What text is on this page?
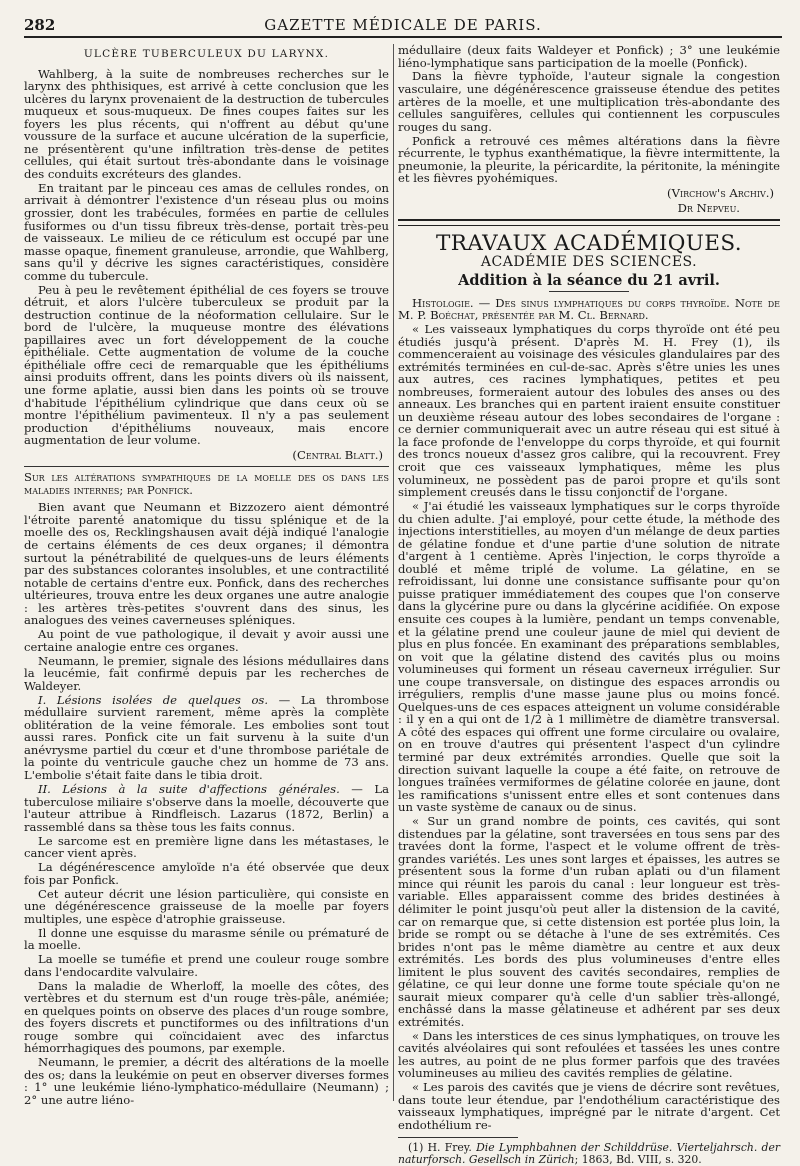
282	GAZETTE MÉDICALE DE PARIS.
ULCÈRE TUBERCULEUX DU LARYNX.

Wahlberg, à la suite de nombreuses recherches sur le larynx des phthisiques, est arrivé à cette conclusion que les ulcères du larynx provenaient de la destruction de tubercules muqueux et sous-muqueux. De fines coupes faites sur les foyers les plus récents, qui n'offrent au début qu'une voussure de la surface et aucune ulcération de la superficie, ne présentèrent qu'une infiltration très-dense de petites cellules, qui était surtout très-abondante dans le voisinage des conduits excréteurs des glandes.

En traitant par le pinceau ces amas de cellules rondes, on arrivait à démontrer l'existence d'un réseau plus ou moins grossier, dont les trabécules, formées en partie de cellules fusiformes ou d'un tissu fibreux très-dense, portait très-peu de vaisseaux. Le milieu de ce réticulum est occupé par une masse opaque, finement granuleuse, arrondie, que Wahlberg, sans qu'il y décrive les signes caractéristiques, considère comme du tubercule.

Peu à peu le revêtement épithélial de ces foyers se trouve détruit, et alors l'ulcère tuberculeux se produit par la destruction continue de la néoformation cellulaire. Sur le bord de l'ulcère, la muqueuse montre des élévations papillaires avec un fort développement de la couche épithéliale. Cette augmentation de volume de la couche épithéliale offre ceci de remarquable que les épithéliums ainsi produits offrent, dans les points divers où ils naissent, une forme aplatie, aussi bien dans les points où se trouve d'habitude l'épithélium cylindrique que dans ceux où se montre l'épithélium pavimenteux. Il n'y a pas seulement production d'épithéliums nouveaux, mais encore augmentation de leur volume.

(Central Blatt.)

Sur les altérations sympathiques de la moelle des os dans les maladies internes; par Ponfick.

Bien avant que Neumann et Bizzozero aient démontré l'étroite parenté anatomique du tissu splénique et de la moelle des os, Recklingshausen avait déjà indiqué l'analogie de certains éléments de ces deux organes; il démontra surtout la pénétrabilité de quelques-uns de leurs éléments par des substances colorantes insolubles, et une contractilité notable de certains d'entre eux. Ponfick, dans des recherches ultérieures, trouva entre les deux organes une autre analogie : les artères très-petites s'ouvrent dans des sinus, les analogues des veines caverneuses spléniques.

Au point de vue pathologique, il devait y avoir aussi une certaine analogie entre ces organes.

Neumann, le premier, signale des lésions médullaires dans la leucémie, fait confirmé depuis par les recherches de Waldeyer.

I. Lésions isolées de quelques os. — La thrombose médullaire survient rarement, même après la complète oblitération de la veine fémorale. Les embolies sont tout aussi rares. Ponfick cite un fait survenu à la suite d'un anévrysme partiel du cœur et d'une thrombose pariétale de la pointe du ventricule gauche chez un homme de 73 ans. L'embolie s'était faite dans le tibia droit.

II. Lésions à la suite d'affections générales. — La tuberculose miliaire s'observe dans la moelle, découverte que l'auteur attribue à Rindfleisch. Lazarus (1872, Berlin) a rassemblé dans sa thèse tous les faits connus.

Le sarcome est en première ligne dans les métastases, le cancer vient après.

La dégénérescence amyloïde n'a été observée que deux fois par Ponfick.

Cet auteur décrit une lésion particulière, qui consiste en une dégénérescence graisseuse de la moelle par foyers multiples, une espèce d'atrophie graisseuse.

Il donne une esquisse du marasme sénile ou prématuré de la moelle.

La moelle se tuméfie et prend une couleur rouge sombre dans l'endocardite valvulaire.

Dans la maladie de Wherloff, la moelle des côtes, des vertèbres et du sternum est d'un rouge très-pâle, anémiée; en quelques points on observe des places d'un rouge sombre, des foyers discrets et punctiformes ou des infiltrations d'un rouge sombre qui coïncidaient avec des infarctus hémorrhagiques des poumons, par exemple.

Neumann, le premier, a décrit des altérations de la moelle des os; dans la leukémie on peut en observer diverses formes : 1° une leukémie liéno-lymphatico-médullaire (Neumann) ; 2° une autre liéno-

médullaire (deux faits Waldeyer et Ponfick) ; 3° une leukémie liéno-lymphatique sans participation de la moelle (Ponfick).

Dans la fièvre typhoïde, l'auteur signale la congestion vasculaire, une dégénérescence graisseuse étendue des petites artères de la moelle, et une multiplication très-abondante des cellules sanguifères, cellules qui contiennent les corpuscules rouges du sang.

Ponfick a retrouvé ces mêmes altérations dans la fièvre récurrente, le typhus exanthématique, la fièvre intermittente, la pneumonie, la pleurite, la péricardite, la péritonite, la méningite et les fièvres pyohémiques.

(Virchow's Archiv.)
Dr Nepveu.
TRAVAUX ACADÉMIQUES.
ACADÉMIE DES SCIENCES.
Addition à la séance du 21 avril.

Histologie. — Des sinus lymphatiques du corps thyroïde. Note de M. P. Boéchat, présentée par M. Cl. Bernard.

« Les vaisseaux lymphatiques du corps thyroïde ont été peu étudiés jusqu'à présent. D'après M. H. Frey (1), ils commenceraient au voisinage des vésicules glandulaires par des extrémités terminées en cul-de-sac. Après s'être unies les unes aux autres, ces racines lymphatiques, petites et peu nombreuses, formeraient autour des lobules des anses ou des anneaux. Les branches qui en partent iraient ensuite constituer un deuxième réseau autour des lobes secondaires de l'organe : ce dernier communiquerait avec un autre réseau qui est situé à la face profonde de l'enveloppe du corps thyroïde, et qui fournit des troncs noueux d'assez gros calibre, qui la recouvrent. Frey croit que ces vaisseaux lymphatiques, même les plus volumineux, ne possèdent pas de paroi propre et qu'ils sont simplement creusés dans le tissu conjonctif de l'organe.

« J'ai étudié les vaisseaux lymphatiques sur le corps thyroïde du chien adulte. J'ai employé, pour cette étude, la méthode des injections interstitielles, au moyen d'un mélange de deux parties de gélatine fondue et d'une partie d'une solution de nitrate d'argent à 1 centième. Après l'injection, le corps thyroïde a doublé et même triplé de volume. La gélatine, en se refroidissant, lui donne une consistance suffisante pour qu'on puisse pratiquer immédiatement des coupes que l'on conserve dans la glycérine pure ou dans la glycérine acidifiée. On expose ensuite ces coupes à la lumière, pendant un temps convenable, et la gélatine prend une couleur jaune de miel qui devient de plus en plus foncée. En examinant des préparations semblables, on voit que la gélatine distend des cavités plus ou moins volumineuses qui forment un réseau caverneux irrégulier. Sur une coupe transversale, on distingue des espaces arrondis ou irréguliers, remplis d'une masse jaune plus ou moins foncé. Quelques-uns de ces espaces atteignent un volume considérable : il y en a qui ont de 1/2 à 1 millimètre de diamètre transversal. A côté des espaces qui offrent une forme circulaire ou ovalaire, on en trouve d'autres qui présentent l'aspect d'un cylindre terminé par deux extrémités arrondies. Quelle que soit la direction suivant laquelle la coupe a été faite, on retrouve de longues traînées vermiformes de gélatine colorée en jaune, dont les ramifications s'unissent entre elles et sont contenues dans un vaste système de canaux ou de sinus.

« Sur un grand nombre de points, ces cavités, qui sont distendues par la gélatine, sont traversées en tous sens par des travées dont la forme, l'aspect et le volume offrent de très-grandes variétés. Les unes sont larges et épaisses, les autres se présentent sous la forme d'un ruban aplati ou d'un filament mince qui réunit les parois du canal : leur longueur est très-variable. Elles apparaissent comme des brides destinées à délimiter le point jusqu'où peut aller la distension de la cavité, car on remarque que, si cette distension est portée plus loin, la bride se rompt ou se détache à l'une de ses extrémités. Ces brides n'ont pas le même diamètre au centre et aux deux extrémités. Les bords des plus volumineuses d'entre elles limitent le plus souvent des cavités secondaires, remplies de gélatine, ce qui leur donne une forme toute spéciale qu'on ne saurait mieux comparer qu'à celle d'un sablier très-allongé, enchâssé dans la masse gélatineuse et adhérent par ses deux extrémités.

« Dans les interstices de ces sinus lymphatiques, on trouve les cavités alvéolaires qui sont refoulées et tassées les unes contre les autres, au point de ne plus former parfois que des travées volumineuses au milieu des cavités remplies de gélatine.

« Les parois des cavités que je viens de décrire sont revêtues, dans toute leur étendue, par l'endothélium caractéristique des vaisseaux lymphatiques, imprégné par le nitrate d'argent. Cet endothélium re-

(1) H. Frey. Die Lymphbahnen der Schilddrüse. Vierteljahrsch. der naturforsch. Gesellsch in Zürich; 1863, Bd. VIII, s. 320.
